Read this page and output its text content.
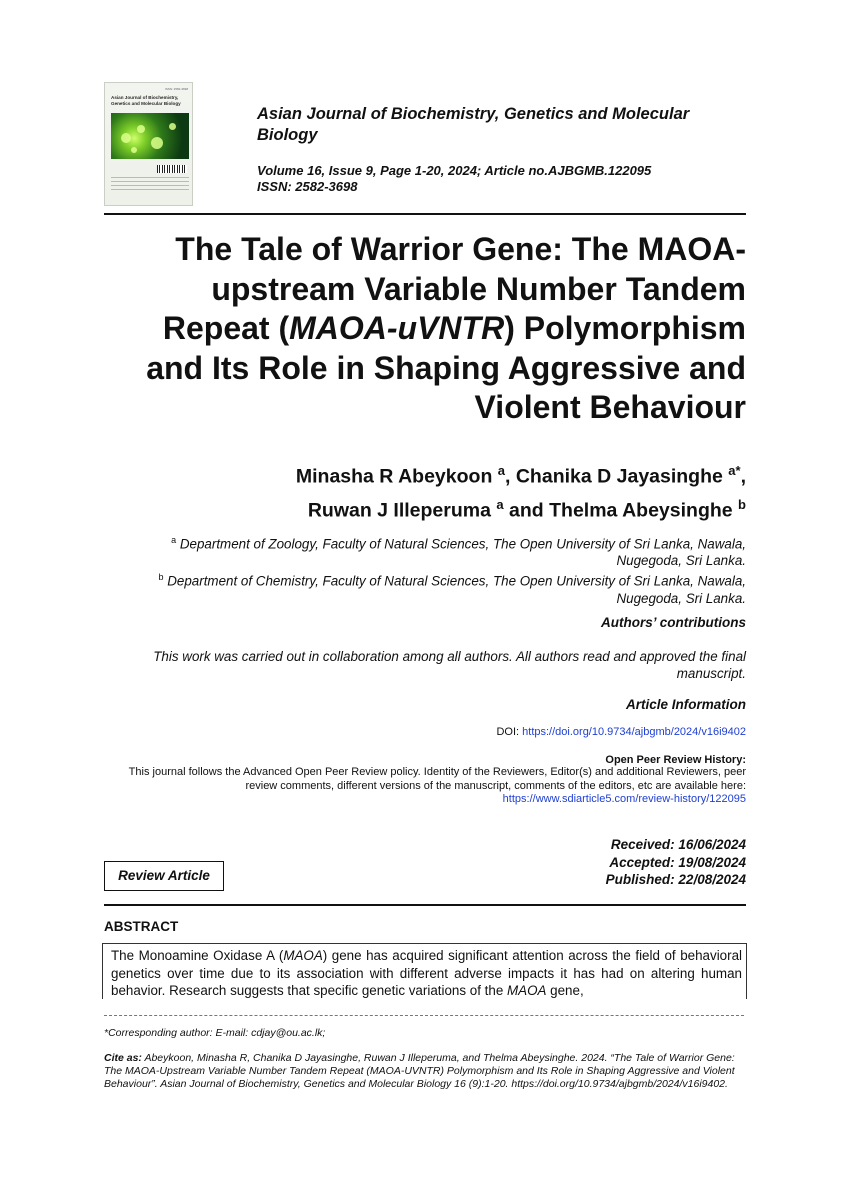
ISSN: 2582-3698
Asian Journal of Biochemistry, Genetics and Molecular Biology
Asian Journal of Biochemistry, Genetics and Molecular Biology
Volume 16, Issue 9, Page 1-20, 2024; Article no.AJBGMB.122095
ISSN: 2582-3698
The Tale of Warrior Gene: The MAOA-
upstream Variable Number Tandem
Repeat (MAOA-uVNTR) Polymorphism
and Its Role in Shaping Aggressive and
Violent Behaviour
Minasha R Abeykoon $^a$, Chanika D Jayasinghe $^{a*}$,
Ruwan J Illeperuma $^a$ and Thelma Abeysinghe $^b$
$^a$ Department of Zoology, Faculty of Natural Sciences, The Open University of Sri Lanka, Nawala,
Nugegoda, Sri Lanka.
$^b$ Department of Chemistry, Faculty of Natural Sciences, The Open University of Sri Lanka, Nawala,
Nugegoda, Sri Lanka.
Authors’ contributions
This work was carried out in collaboration among all authors. All authors read and approved the final
manuscript.
Article Information
DOI: https://doi.org/10.9734/ajbgmb/2024/v16i9402
Open Peer Review History:
This journal follows the Advanced Open Peer Review policy. Identity of the Reviewers, Editor(s) and additional Reviewers, peer
review comments, different versions of the manuscript, comments of the editors, etc are available here:
https://www.sdiarticle5.com/review-history/122095
Received: 16/06/2024
Accepted: 19/08/2024
Published: 22/08/2024
Review Article
ABSTRACT
The Monoamine Oxidase A (MAOA) gene has acquired significant attention across the field of behavioral genetics over time due to its association with different adverse impacts it has had on altering human behavior. Research suggests that specific genetic variations of the MAOA gene,
*Corresponding author: E-mail: cdjay@ou.ac.lk;
Cite as: Abeykoon, Minasha R, Chanika D Jayasinghe, Ruwan J Illeperuma, and Thelma Abeysinghe. 2024. “The Tale of Warrior Gene: The MAOA-Upstream Variable Number Tandem Repeat (MAOA-UVNTR) Polymorphism and Its Role in Shaping Aggressive and Violent Behaviour”. Asian Journal of Biochemistry, Genetics and Molecular Biology 16 (9):1-20. https://doi.org/10.9734/ajbgmb/2024/v16i9402.
